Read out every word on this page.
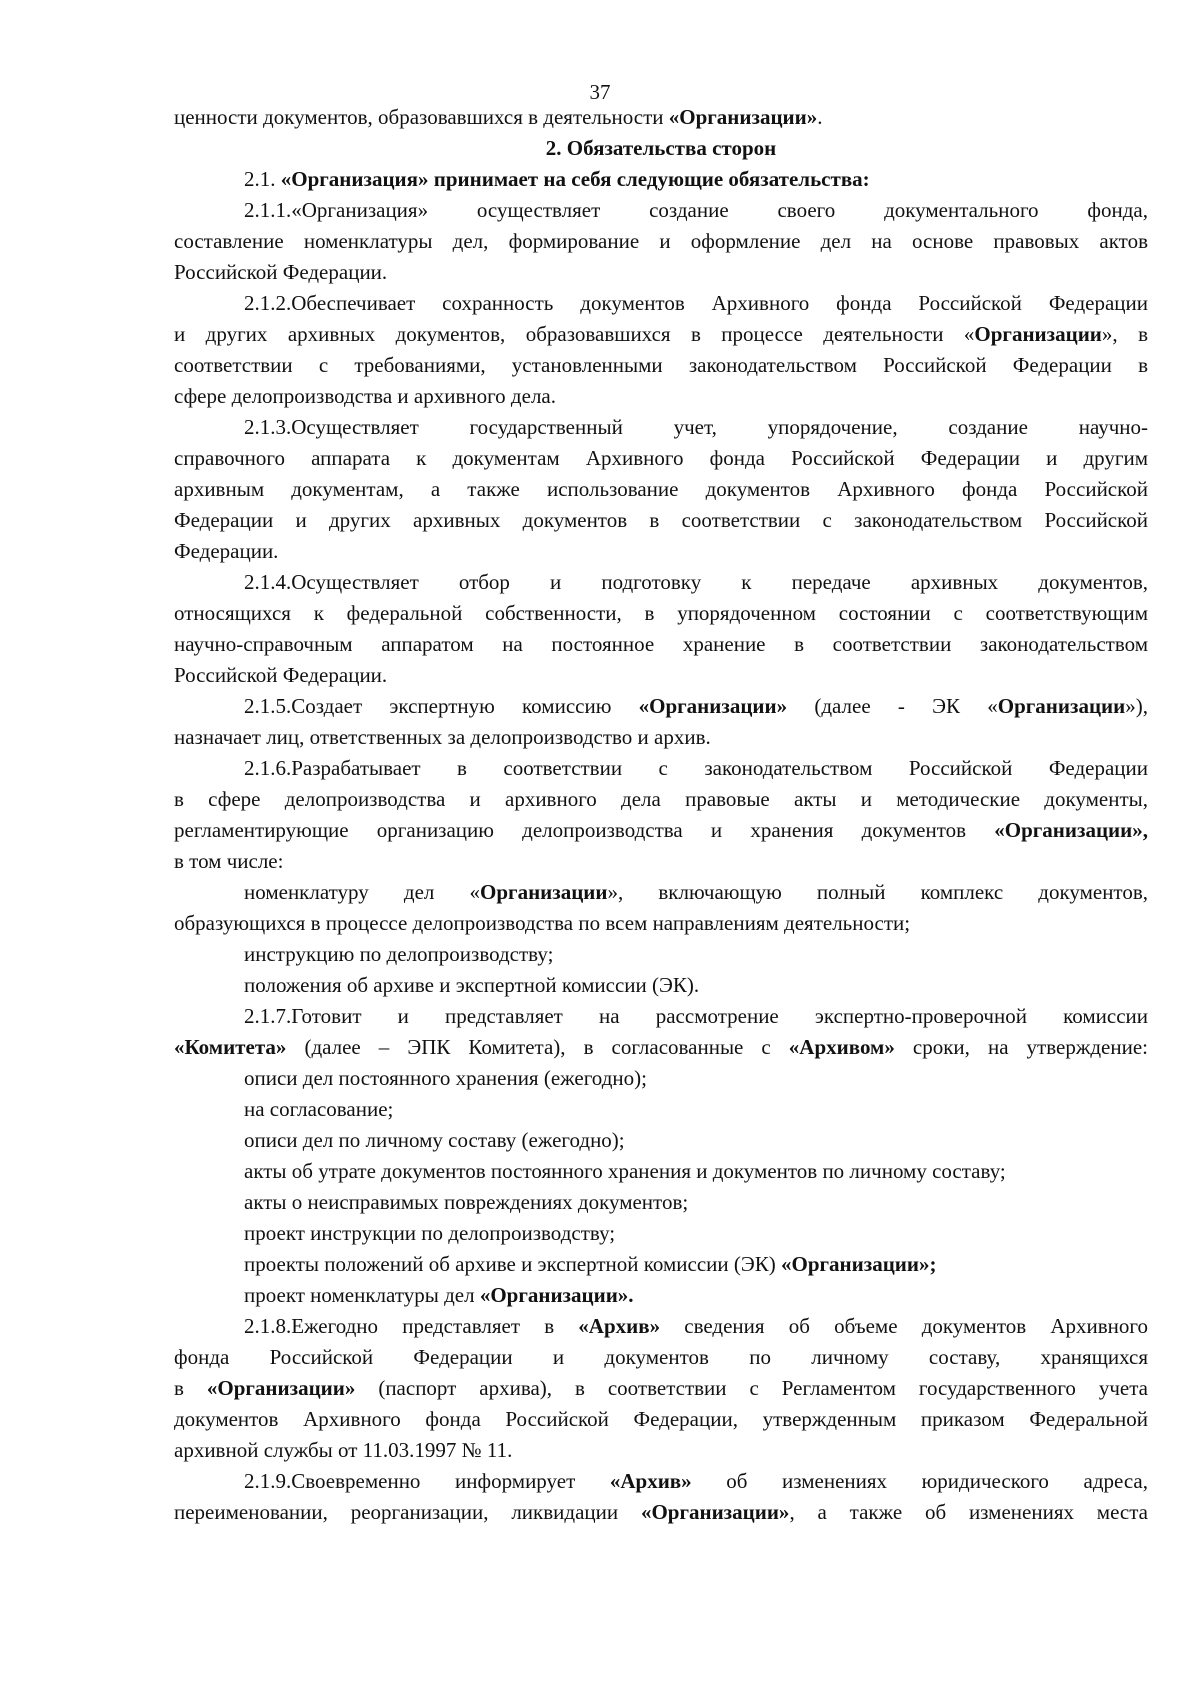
37
ценности документов, образовавшихся в деятельности «Организации».
2. Обязательства сторон
2.1. «Организация» принимает на себя следующие обязательства:
2.1.1.«Организация» осуществляет создание своего документального фонда,
составление номенклатуры дел, формирование и оформление дел на основе правовых актов
Российской Федерации.
2.1.2.Обеспечивает сохранность документов Архивного фонда Российской Федерации
и других архивных документов, образовавшихся в процессе деятельности «Организации», в
соответствии с требованиями, установленными законодательством Российской Федерации в
сфере делопроизводства и архивного дела.
2.1.3.Осуществляет государственный учет, упорядочение, создание научно-
справочного аппарата к документам Архивного фонда Российской Федерации и другим
архивным документам, а также использование документов Архивного фонда Российской
Федерации и других архивных документов в соответствии с законодательством Российской
Федерации.
2.1.4.Осуществляет отбор и подготовку к передаче архивных документов,
относящихся к федеральной собственности, в упорядоченном состоянии с соответствующим
научно-справочным аппаратом на постоянное хранение в соответствии законодательством
Российской Федерации.
2.1.5.Создает экспертную комиссию «Организации» (далее - ЭК «Организации»),
назначает лиц, ответственных за делопроизводство и архив.
2.1.6.Разрабатывает в соответствии с законодательством Российской Федерации
в сфере делопроизводства и архивного дела правовые акты и методические документы,
регламентирующие организацию делопроизводства и хранения документов «Организации»,
в том числе:
номенклатуру дел «Организации», включающую полный комплекс документов,
образующихся в процессе делопроизводства по всем направлениям деятельности;
инструкцию по делопроизводству;
положения об архиве и экспертной комиссии (ЭК).
2.1.7.Готовит и представляет на рассмотрение экспертно-проверочной комиссии
«Комитета» (далее – ЭПК Комитета), в согласованные с «Архивом» сроки, на утверждение:
описи дел постоянного хранения (ежегодно);
на согласование;
описи дел по личному составу (ежегодно);
акты об утрате документов постоянного хранения и документов по личному составу;
акты о неисправимых повреждениях документов;
проект инструкции по делопроизводству;
проекты положений об архиве и экспертной комиссии (ЭК) «Организации»;
проект номенклатуры дел «Организации».
2.1.8.Ежегодно представляет в «Архив» сведения об объеме документов Архивного
фонда Российской Федерации и документов по личному составу, хранящихся
в «Организации» (паспорт архива), в соответствии с Регламентом государственного учета
документов Архивного фонда Российской Федерации, утвержденным приказом Федеральной
архивной службы от 11.03.1997 № 11.
2.1.9.Своевременно информирует «Архив» об изменениях юридического адреса,
переименовании, реорганизации, ликвидации «Организации», а также об изменениях места
